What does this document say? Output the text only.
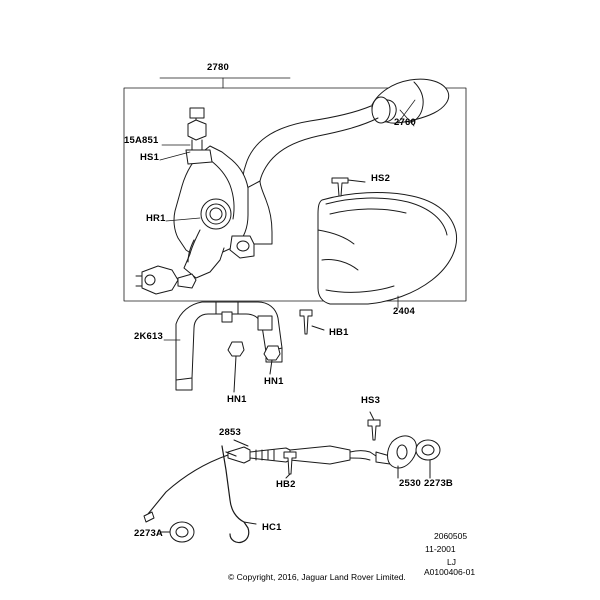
2780
2760
15A851
HS1
HS2
HR1
2404
HB1
2K613
HN1
HN1	HS3
2853
2530 2273B
HB2
2273A
HC1
2060505
11-2001
LJ
A0100406-01
© Copyright, 2016, Jaguar Land Rover Limited.
